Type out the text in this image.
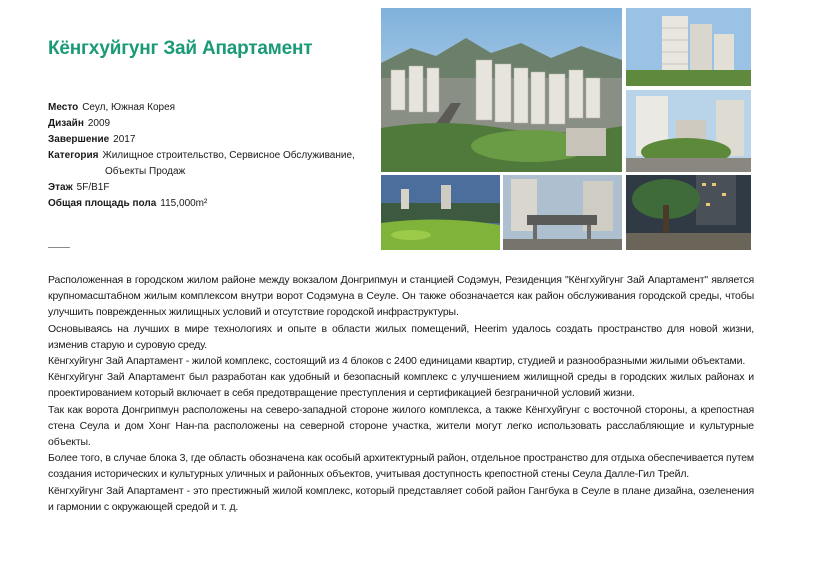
Кёнгхуйгунг Зай Апартамент
Место Сеул, Южная Корея
Дизайн 2009
Завершение 2017
Категория Жилищное строительство, Сервисное Обслуживание,
Объекты Продаж
Этаж 5F/B1F
Общая площадь пола 115,000m²

Расположенная в городском жилом районе между вокзалом Донгрипмун и станцией Содэмун, Резиденция "Кёнгхуйгунг Зай Апартамент" является крупномасштабном жилым комплексом внутри ворот Содэмуна в Сеуле. Он также обозначается как район обслуживания городской среды, чтобы улучшить поврежденных жилищных условий и отсутствие городской инфраструктуры.

Основываясь на лучших в мире технологиях и опыте в области жилых помещений, Heerim удалось создать пространство для новой жизни, изменив старую и суровую среду.

Кёнгхуйгунг Зай Апартамент - жилой комплекс, состоящий из 4 блоков с 2400 единицами квартир, студией и разнообразными жилыми объектами.

Кёнгхуйгунг Зай Апартамент был разработан как удобный и безопасный комплекс с улучшением жилищной среды в городских жилых районах и проектированием который включает в себя предотвращение преступления и сертификацией безграничной условий жизни.

Так как ворота Донгрипмун расположены на северо-западной стороне жилого комплекса, а также Кёнгхуйгунг с восточной стороны, а крепостная стена Сеула и дом Хонг Нан-па расположены на северной стороне участка, жители могут легко использовать расслабляющие и культурные объекты.

Более того, в случае блока 3, где область обозначена как особый архитектурный район, отдельное пространство для отдыха обеспечивается путем создания исторических и культурных уличных и районных объектов, учитывая доступность крепостной стены Сеула Далле-Гил Трейл.

Кёнгхуйгунг Зай Апартамент - это престижный жилой комплекс, который представляет собой район Гангбука в Сеуле в плане дизайна, озеленения и гармонии с окружающей средой и т. д.
